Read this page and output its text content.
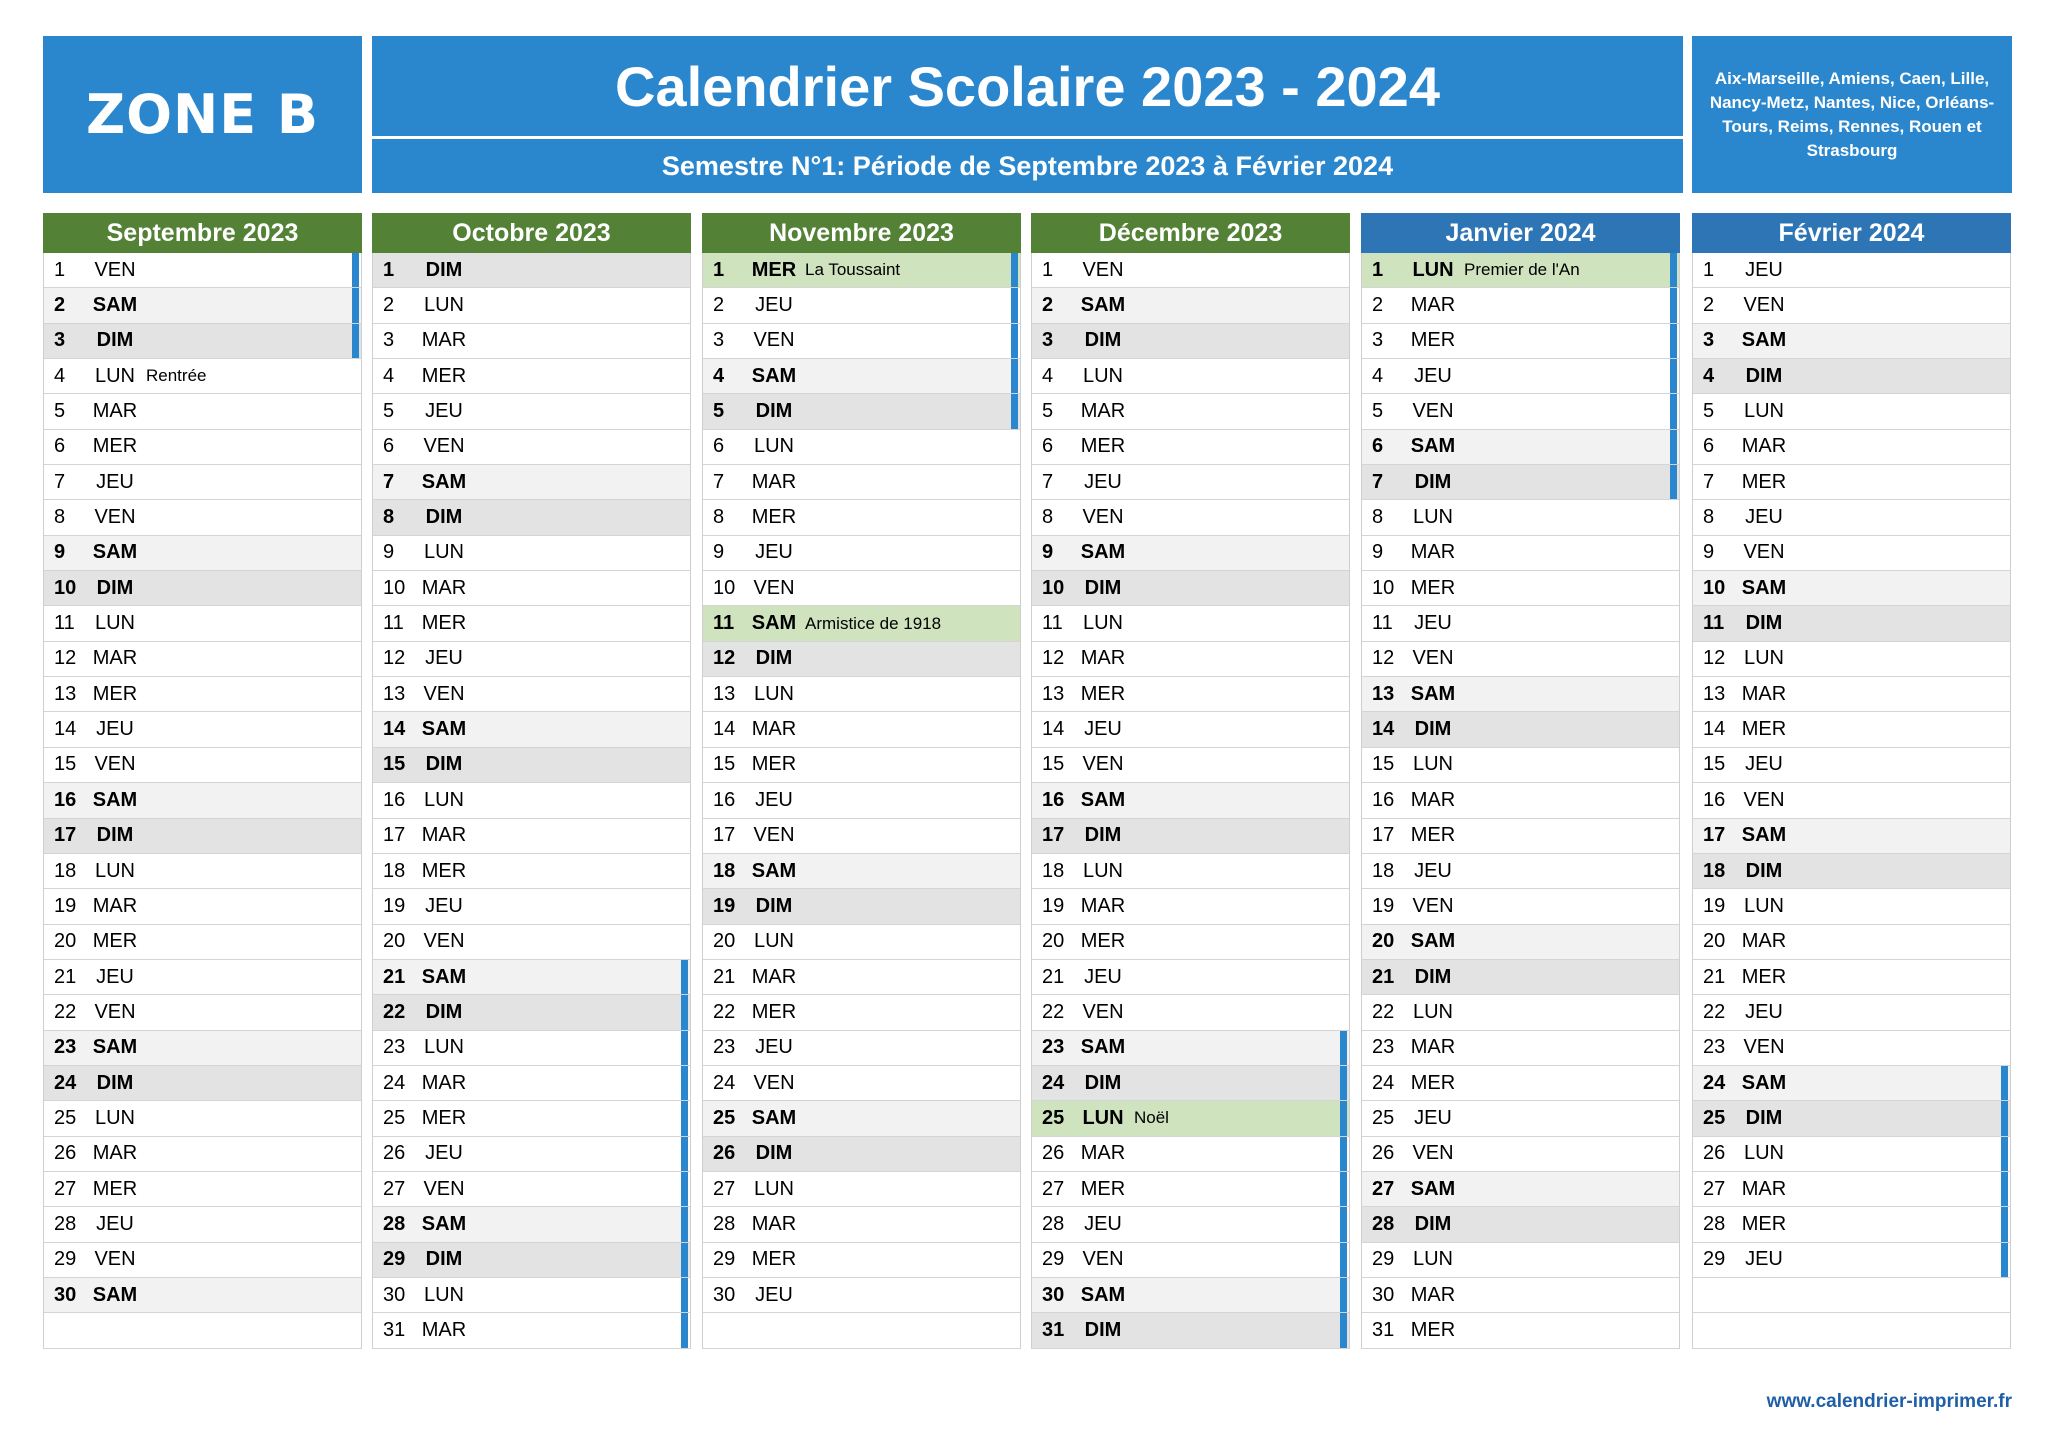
ZONE B	Calendrier Scolaire 2023 - 2024
Semestre N°1: Période de Septembre 2023 à Février 2024
Aix-Marseille, Amiens, Caen, Lille, Nancy-Metz, Nantes, Nice, Orléans-Tours, Reims, Rennes, Rouen et Strasbourg
Septembre 2023
1	VEN
2	SAM
3	DIM
4	LUN Rentrée
5	MAR
6	MER
7	JEU
8	VEN
9	SAM
10	DIM
11	LUN
12 MAR
13 MER
14 JEU
15 VEN
16 SAM
17	DIM
18 LUN
19 MAR
20 MER
21 JEU
22 VEN
23 SAM
24	DIM
25 LUN
26 MAR
27 MER
28 JEU
29 VEN
30 SAM
Octobre 2023
1	DIM
2	LUN
3	MAR
4	MER
5	JEU
6	VEN
7	SAM
8	DIM
9	LUN
10 MAR
11 MER
12 JEU
13 VEN
14 SAM
15	DIM
16 LUN
17 MAR
18 MER
19 JEU
20 VEN
21 SAM
22	DIM
23 LUN
24 MAR
25 MER
26 JEU
27 VEN
28 SAM
29	DIM
30 LUN
31 MAR
Novembre 2023
1	MER La Toussaint
2	JEU
3	VEN
4	SAM
5	DIM
6	LUN
7	MAR
8	MER
9	JEU
10 VEN
11 SAM Armistice de 1918
12	DIM
13 LUN
14 MAR
15 MER
16 JEU
17 VEN
18 SAM
19	DIM
20 LUN
21 MAR
22 MER
23 JEU
24 VEN
25 SAM
26	DIM
27 LUN
28 MAR
29 MER
30 JEU
Décembre 2023
1	VEN
2	SAM
3	DIM
4	LUN
5	MAR
6	MER
7	JEU
8	VEN
9	SAM
10	DIM
11	LUN
12 MAR
13 MER
14 JEU
15 VEN
16 SAM
17	DIM
18 LUN
19 MAR
20 MER
21 JEU
22 VEN
23 SAM
24	DIM
25 LUN Noël
26 MAR
27 MER
28 JEU
29 VEN
30 SAM
31	DIM
Janvier 2024
1	LUN Premier de l'An
2	MAR
3	MER
4	JEU
5	VEN
6	SAM
7	DIM
8	LUN
9	MAR
10 MER
11	JEU
12 VEN
13 SAM
14	DIM
15 LUN
16 MAR
17 MER
18 JEU
19 VEN
20 SAM
21	DIM
22 LUN
23 MAR
24 MER
25 JEU
26 VEN
27 SAM
28	DIM
29 LUN
30 MAR
31 MER
Février 2024
1	JEU
2	VEN
3	SAM
4	DIM
5	LUN
6	MAR
7	MER
8	JEU
9	VEN
10 SAM
11	DIM
12 LUN
13 MAR
14 MER
15 JEU
16 VEN
17 SAM
18	DIM
19 LUN
20 MAR
21 MER
22 JEU
23 VEN
24 SAM
25	DIM
26 LUN
27 MAR
28 MER
29 JEU
www.calendrier-imprimer.fr
